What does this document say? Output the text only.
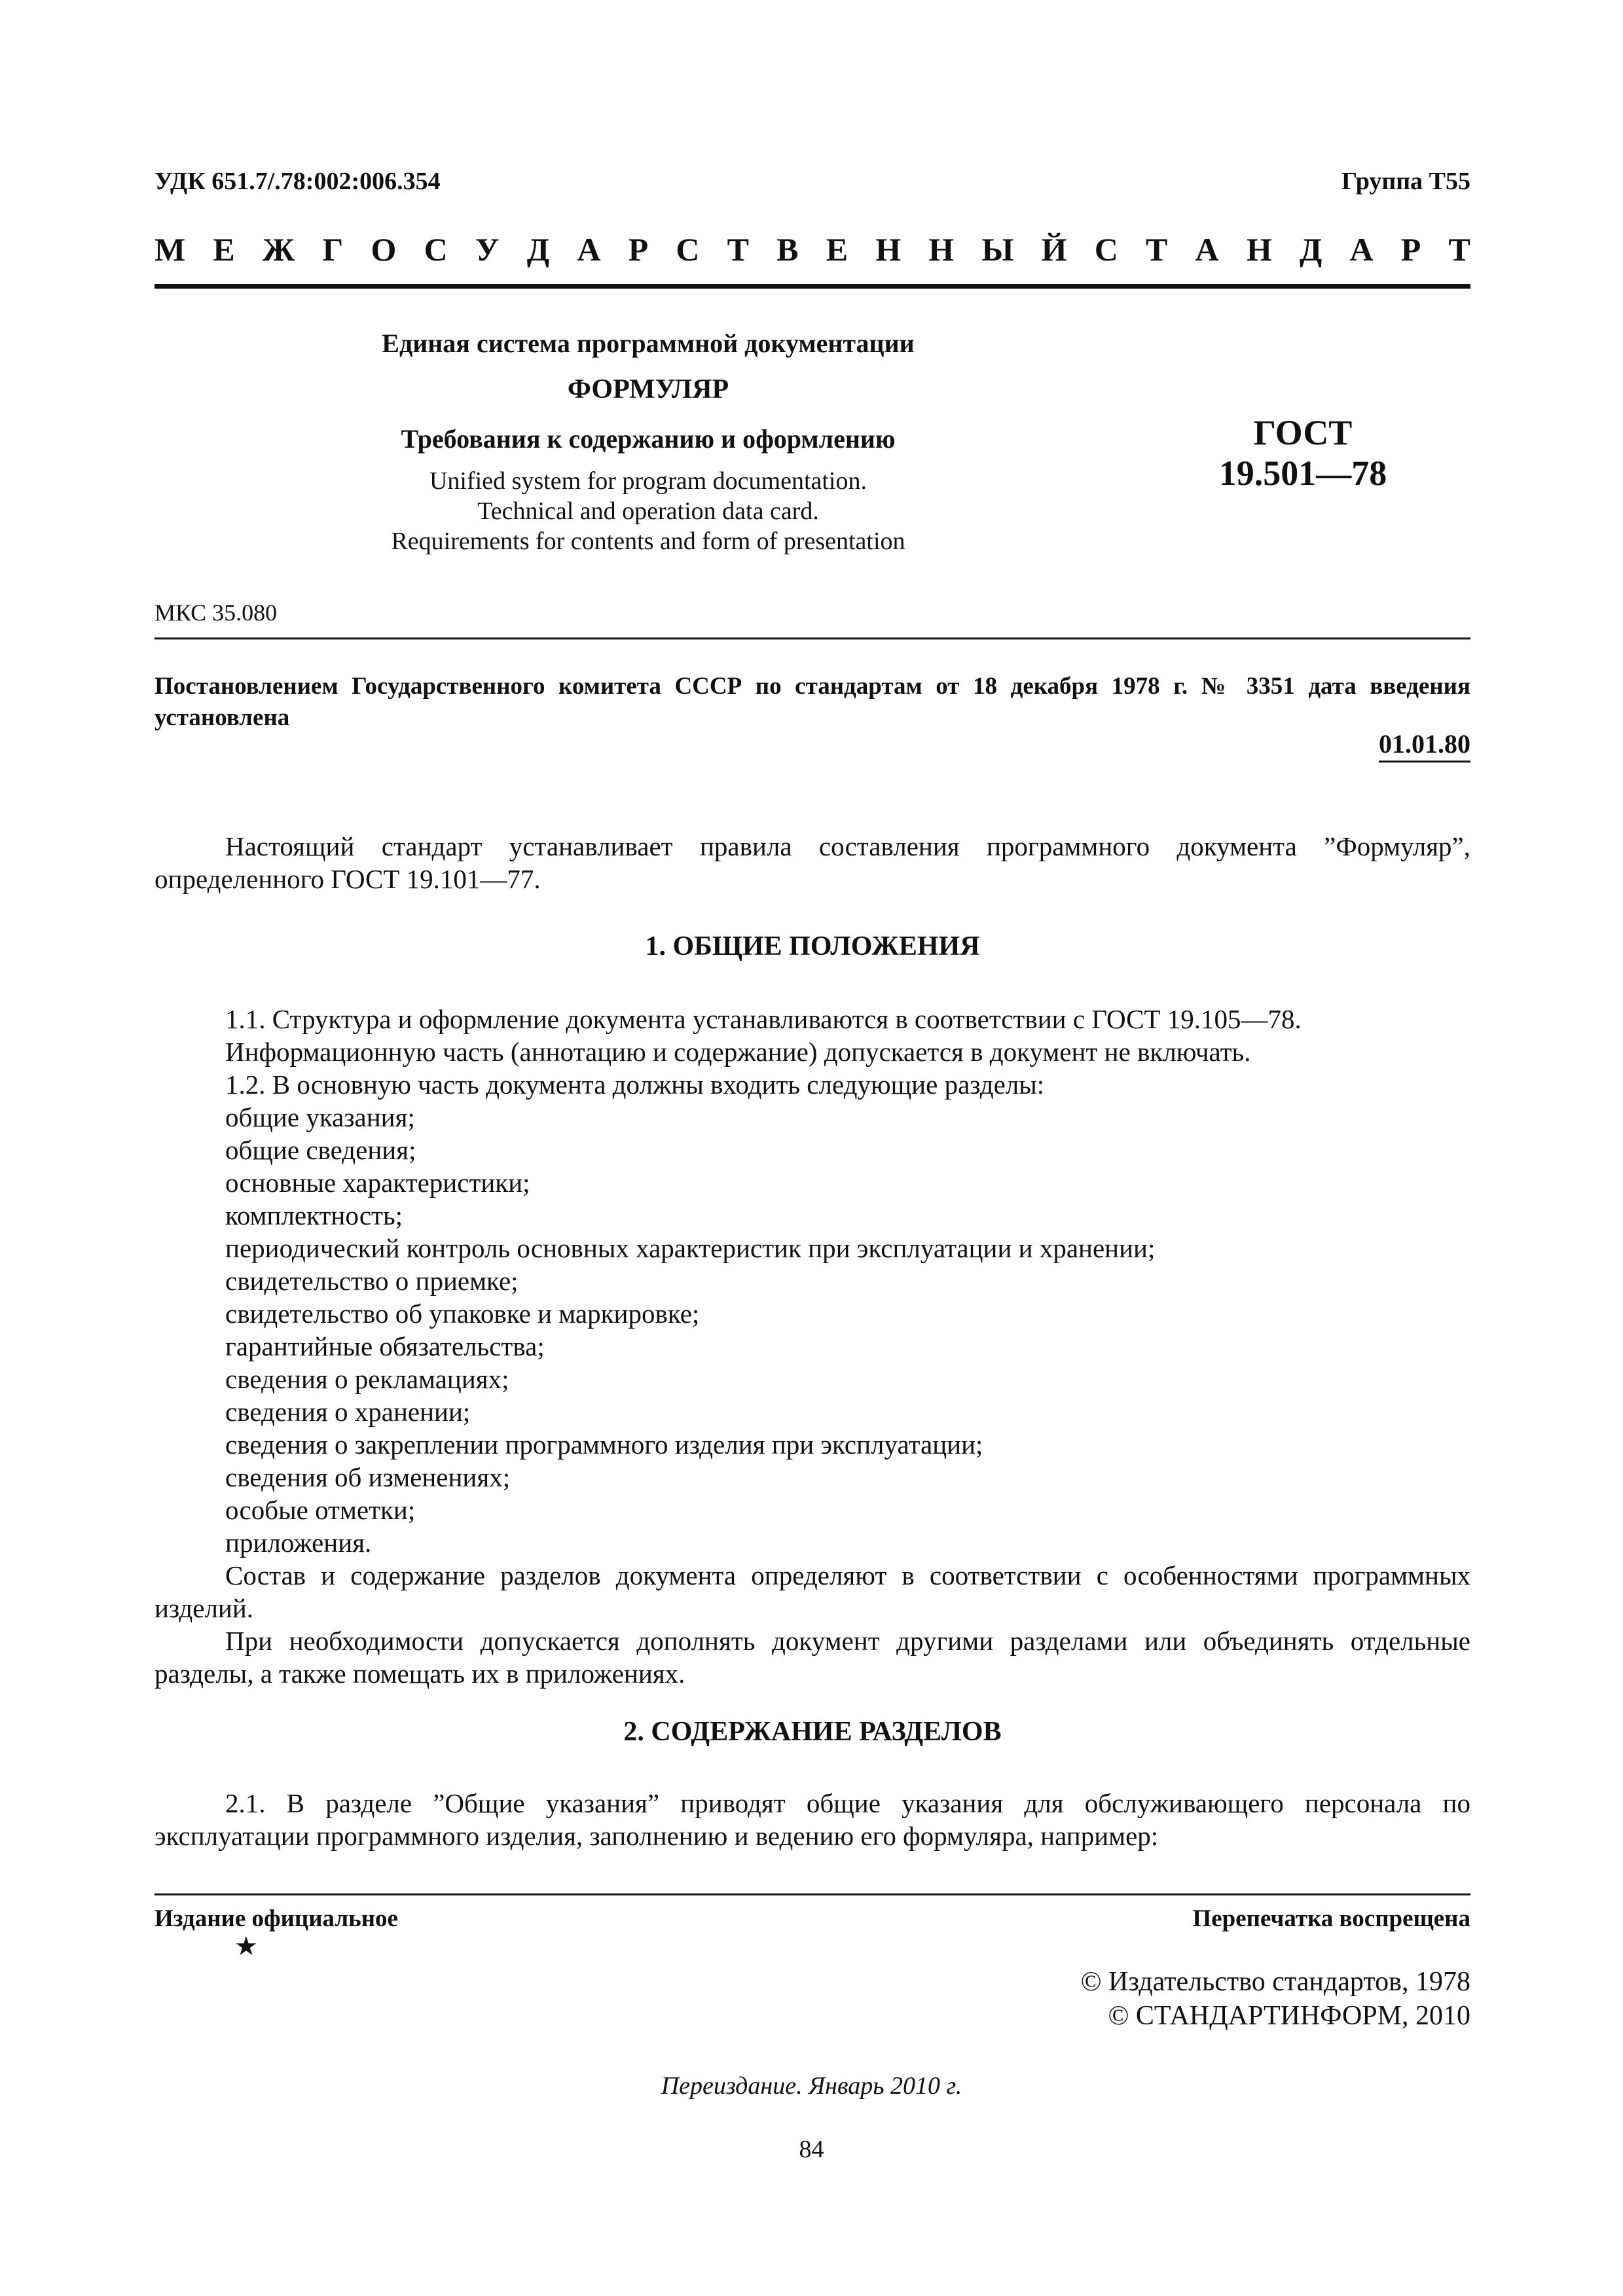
УДК 651.7/.78:002:006.354	Группа Т55
М Е Ж Г О С У Д А Р С Т В Е Н Н Ы Й С Т А Н Д А Р Т
Единая система программной документации
ФОРМУЛЯР
Требования к содержанию и оформлению
Unified system for program documentation.
Technical and operation data card.
Requirements for contents and form of presentation
ГОСТ
19.501—78
МКС 35.080
Постановлением Государственного комитета СССР по стандартам от 18 декабря 1978 г. № 3351 дата введения установлена
01.01.80
Настоящий стандарт устанавливает правила составления программного документа ”Формуляр”, определенного ГОСТ 19.101—77.
1. ОБЩИЕ ПОЛОЖЕНИЯ
1.1. Структура и оформление документа устанавливаются в соответствии с ГОСТ 19.105—78.
Информационную часть (аннотацию и содержание) допускается в документ не включать.
1.2. В основную часть документа должны входить следующие разделы:
общие указания;
общие сведения;
основные характеристики;
комплектность;
периодический контроль основных характеристик при эксплуатации и хранении;
свидетельство о приемке;
свидетельство об упаковке и маркировке;
гарантийные обязательства;
сведения о рекламациях;
сведения о хранении;
сведения о закреплении программного изделия при эксплуатации;
сведения об изменениях;
особые отметки;
приложения.
Состав и содержание разделов документа определяют в соответствии с особенностями программных изделий.
При необходимости допускается дополнять документ другими разделами или объединять отдельные разделы, а также помещать их в приложениях.
2. СОДЕРЖАНИЕ РАЗДЕЛОВ
2.1. В разделе ”Общие указания” приводят общие указания для обслуживающего персонала по эксплуатации программного изделия, заполнению и ведению его формуляра, например:
Издание официальное
★
Перепечатка воспрещена
© Издательство стандартов, 1978
© СТАНДАРТИНФОРМ, 2010
Переиздание. Январь 2010 г.
84
